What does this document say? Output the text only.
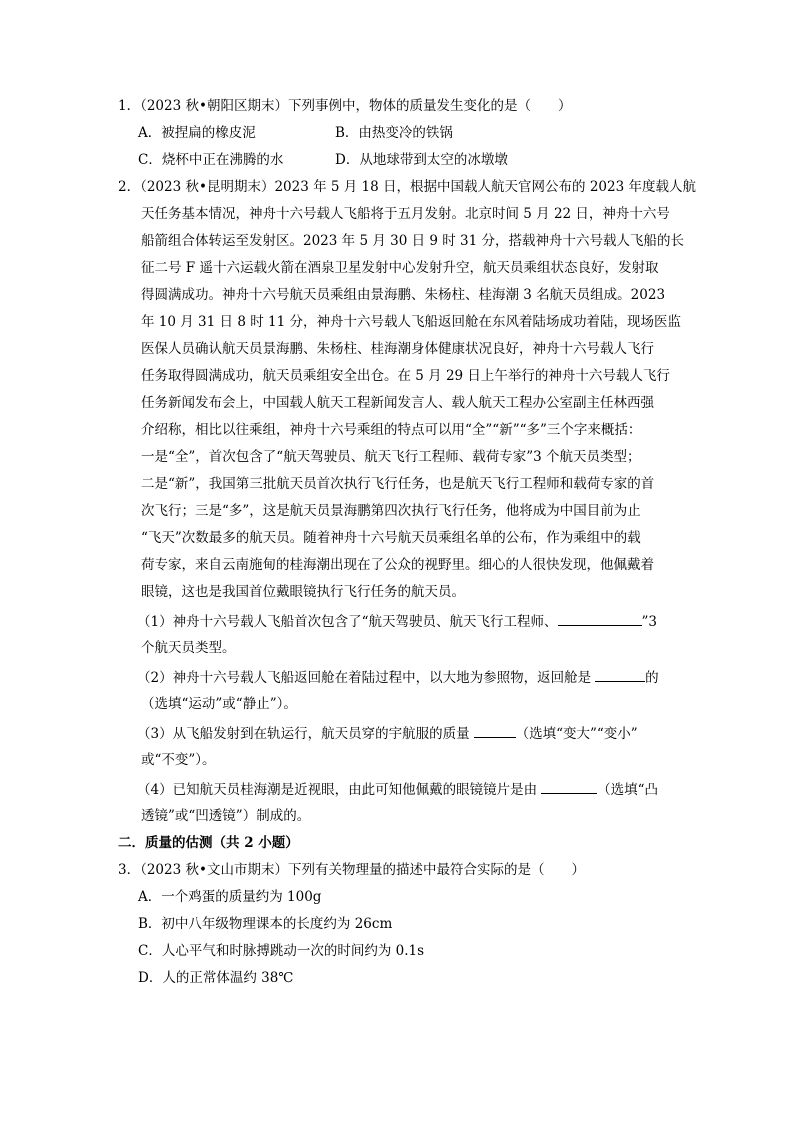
1．（2023 秋•朝阳区期末）下列事例中，物体的质量发生变化的是（　　）
A．被捏扁的橡皮泥	B．由热变冷的铁锅
C．烧杯中正在沸腾的水	D．从地球带到太空的冰墩墩
2．（2023 秋•昆明期末）2023 年 5 月 18 日，根据中国载人航天官网公布的 2023 年度载人航
天任务基本情况，神舟十六号载人飞船将于五月发射。北京时间 5 月 22 日，神舟十六号
船箭组合体转运至发射区。2023 年 5 月 30 日 9 时 31 分，搭载神舟十六号载人飞船的长
征二号 F 遥十六运载火箭在酒泉卫星发射中心发射升空，航天员乘组状态良好，发射取
得圆满成功。神舟十六号航天员乘组由景海鹏、朱杨柱、桂海潮 3 名航天员组成。2023
年 10 月 31 日 8 时 11 分，神舟十六号载人飞船返回舱在东风着陆场成功着陆，现场医监
医保人员确认航天员景海鹏、朱杨柱、桂海潮身体健康状况良好，神舟十六号载人飞行
任务取得圆满成功，航天员乘组安全出仓。在 5 月 29 日上午举行的神舟十六号载人飞行
任务新闻发布会上，中国载人航天工程新闻发言人、载人航天工程办公室副主任林西强
介绍称，相比以往乘组，神舟十六号乘组的特点可以用“全”“新”“多”三个字来概括：
一是“全”，首次包含了“航天驾驶员、航天飞行工程师、载荷专家”3 个航天员类型；
二是“新”，我国第三批航天员首次执行飞行任务，也是航天飞行工程师和载荷专家的首
次飞行；三是“多”，这是航天员景海鹏第四次执行飞行任务，他将成为中国目前为止
“飞天”次数最多的航天员。随着神舟十六号航天员乘组名单的公布，作为乘组中的载
荷专家，来自云南施甸的桂海潮出现在了公众的视野里。细心的人很快发现，他佩戴着
眼镜，这也是我国首位戴眼镜执行飞行任务的航天员。
（1）神舟十六号载人飞船首次包含了“航天驾驶员、航天飞行工程师、	”3
个航天员类型。
（2）神舟十六号载人飞船返回舱在着陆过程中，以大地为参照物，返回舱是	的
（选填“运动”或“静止”）。
（3）从飞船发射到在轨运行，航天员穿的宇航服的质量	（选填“变大”“变小”
或“不变”）。
（4）已知航天员桂海潮是近视眼，由此可知他佩戴的眼镜镜片是由	（选填“凸
透镜”或“凹透镜”）制成的。
二．质量的估测（共 2 小题）
3．（2023 秋•文山市期末）下列有关物理量的描述中最符合实际的是（　　）
A．一个鸡蛋的质量约为 100g
B．初中八年级物理课本的长度约为 26cm
C．人心平气和时脉搏跳动一次的时间约为 0.1s
D．人的正常体温约 38℃
